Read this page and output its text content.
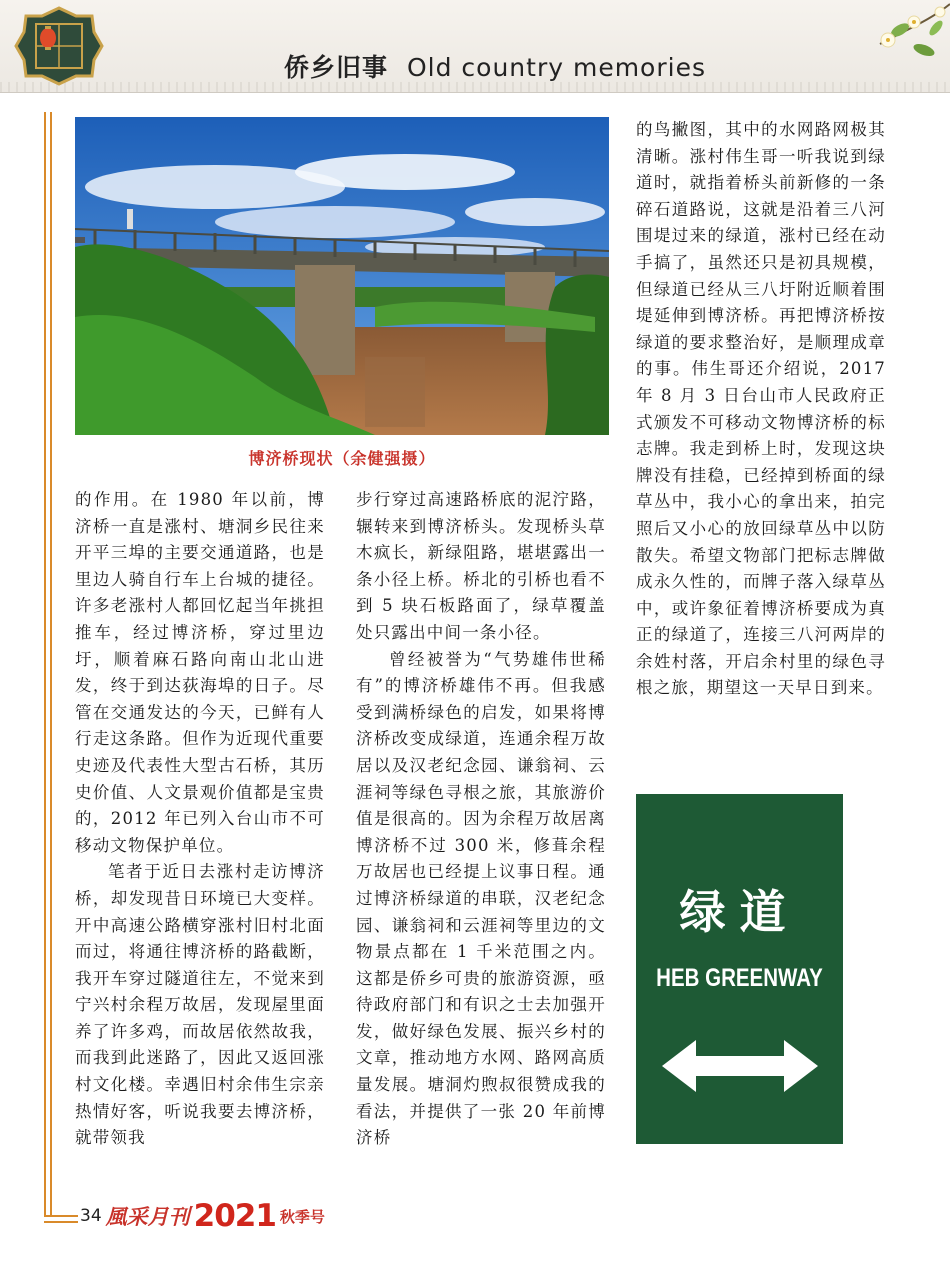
侨乡旧事 Old country memories
博济桥现状（余健强摄）

的作用。在 1980 年以前，博济桥一直是涨村、塘洞乡民往来开平三埠的主要交通道路，也是里边人骑自行车上台城的捷径。许多老涨村人都回忆起当年挑担推车，经过博济桥，穿过里边圩，顺着麻石路向南山北山进发，终于到达荻海埠的日子。尽管在交通发达的今天，已鲜有人行走这条路。但作为近现代重要史迹及代表性大型古石桥，其历史价值、人文景观价值都是宝贵的，2012 年已列入台山市不可移动文物保护单位。

笔者于近日去涨村走访博济桥，却发现昔日环境已大变样。开中高速公路横穿涨村旧村北面而过，将通往博济桥的路截断，我开车穿过隧道往左，不觉来到宁兴村余程万故居，发现屋里面养了许多鸡，而故居依然故我，而我到此迷路了，因此又返回涨村文化楼。幸遇旧村余伟生宗亲热情好客，听说我要去博济桥，就带领我

步行穿过高速路桥底的泥泞路，辗转来到博济桥头。发现桥头草木疯长，新绿阻路，堪堪露出一条小径上桥。桥北的引桥也看不到 5 块石板路面了，绿草覆盖处只露出中间一条小径。

曾经被誉为“气势雄伟世稀有”的博济桥雄伟不再。但我感受到满桥绿色的启发，如果将博济桥改变成绿道，连通余程万故居以及汉老纪念园、谦翁祠、云涯祠等绿色寻根之旅，其旅游价值是很高的。因为余程万故居离博济桥不过 300 米，修葺余程万故居也已经提上议事日程。通过博济桥绿道的串联，汉老纪念园、谦翁祠和云涯祠等里边的文物景点都在 1 千米范围之内。这都是侨乡可贵的旅游资源，亟待政府部门和有识之士去加强开发，做好绿色发展、振兴乡村的文章，推动地方水网、路网高质量发展。塘洞灼煦叔很赞成我的看法，并提供了一张 20 年前博济桥

的鸟撇图，其中的水网路网极其清晰。涨村伟生哥一听我说到绿道时，就指着桥头前新修的一条碎石道路说，这就是沿着三八河围堤过来的绿道，涨村已经在动手搞了，虽然还只是初具规模，但绿道已经从三八圩附近顺着围堤延伸到博济桥。再把博济桥按绿道的要求整治好，是顺理成章的事。伟生哥还介绍说，2017 年 8 月 3 日台山市人民政府正式颁发不可移动文物博济桥的标志牌。我走到桥上时，发现这块牌没有挂稳，已经掉到桥面的绿草丛中，我小心的拿出来，拍完照后又小心的放回绿草丛中以防散失。希望文物部门把标志牌做成永久性的，而牌子落入绿草丛中，或许象征着博济桥要成为真正的绿道了，连接三八河两岸的余姓村落，开启余村里的绿色寻根之旅，期望这一天早日到来。

绿道
HEB GREENWAY
34 風采月刊 2021 秋季号
